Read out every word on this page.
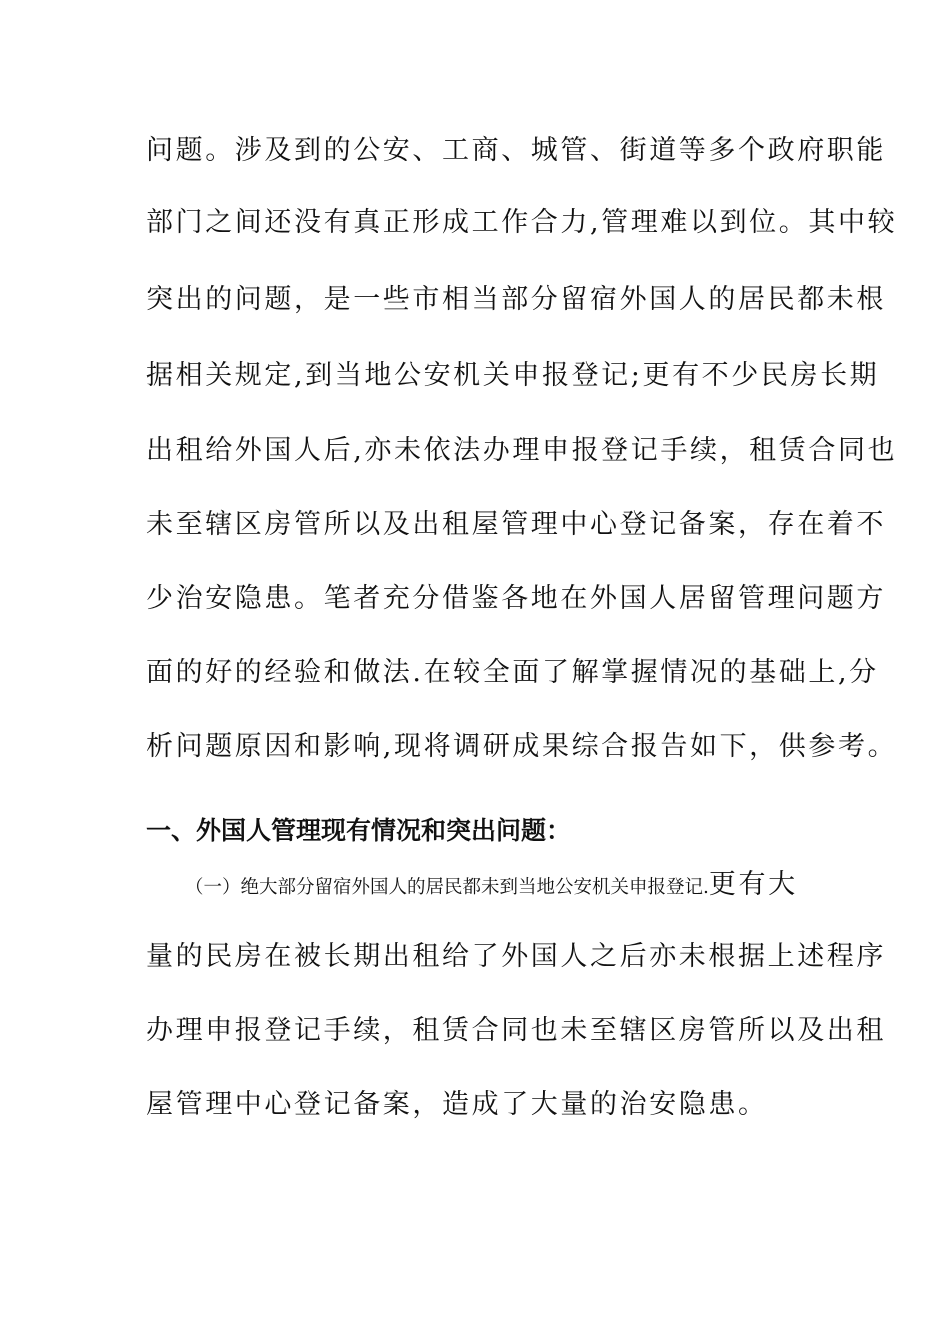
问题。涉及到的公安、工商、城管、街道等多个政府职能
部门之间还没有真正形成工作合力,管理难以到位。其中较
突出的问题，是一些市相当部分留宿外国人的居民都未根
据相关规定,到当地公安机关申报登记;更有不少民房长期
出租给外国人后,亦未依法办理申报登记手续，租赁合同也
未至辖区房管所以及出租屋管理中心登记备案，存在着不
少治安隐患。笔者充分借鉴各地在外国人居留管理问题方
面的好的经验和做法.在较全面了解掌握情况的基础上,分
析问题原因和影响,现将调研成果综合报告如下，供参考。
一、外国人管理现有情况和突出问题：
（一）绝大部分留宿外国人的居民都未到当地公安机关申报登记.更有大
量的民房在被长期出租给了外国人之后亦未根据上述程序
办理申报登记手续，租赁合同也未至辖区房管所以及出租
屋管理中心登记备案，造成了大量的治安隐患。
